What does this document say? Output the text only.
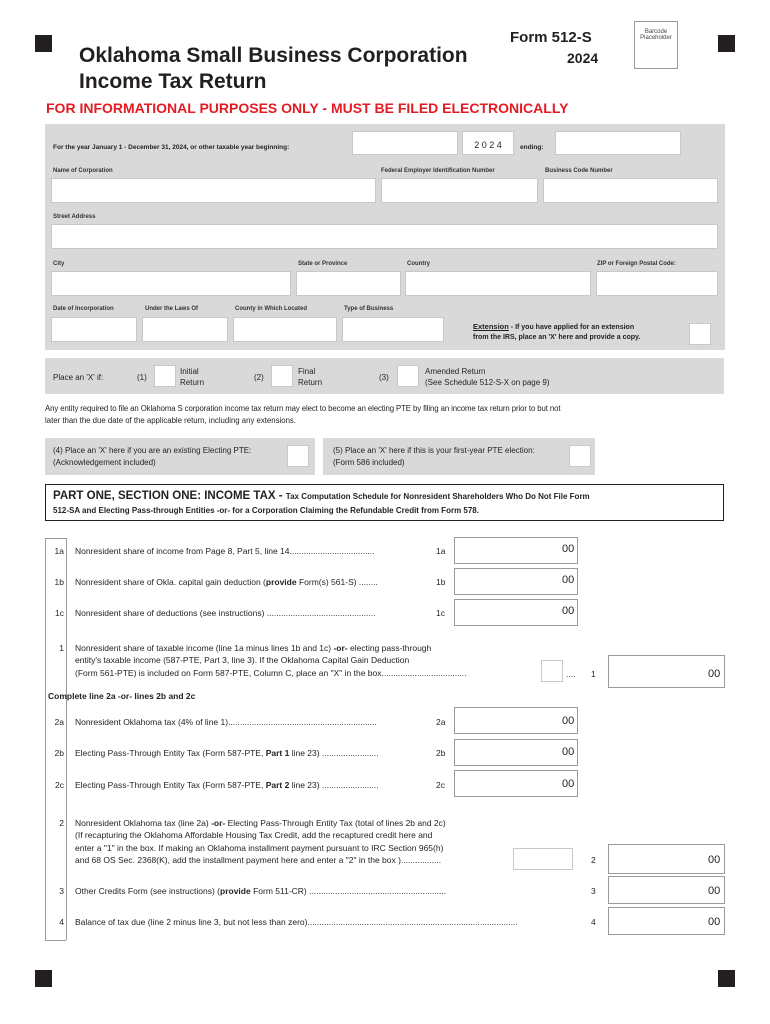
Oklahoma Small Business Corporation
Income Tax Return
Form 512-S
2024
Barcode
Placeholder
FOR INFORMATIONAL PURPOSES ONLY - MUST BE FILED ELECTRONICALLY
For the year January 1 - December 31, 2024, or other taxable year beginning:	2 0 2 4	ending:
Name of Corporation	Federal Employer Identification Number	Business Code Number
Street Address
City	State or Province	Country	ZIP or Foreign Postal Code:
Date of Incorporation	Under the Laws Of	County in Which Located	Type of Business
Extension - If you have applied for an extension
from the IRS, place an 'X' here and provide a copy.
Place an 'X' if:	(1)
Initial
Return
(2)
Final
Return
(3)
Amended Return
(See Schedule 512-S-X on page 9)
Any entity required to file an Oklahoma S corporation income tax return may elect to become an electing PTE by filing an income tax return prior to but not
later than the due date of the applicable return, including any extensions.
(4) Place an 'X' here if you are an existing Electing PTE:
(Acknowledgement included)
(5) Place an 'X' here if this is your first-year PTE election:
(Form 586 included)
PART ONE, SECTION ONE: INCOME TAX - Tax Computation Schedule for Nonresident Shareholders Who Do Not File Form
512-SA and Electing Pass-through Entities -or- for a Corporation Claiming the Refundable Credit from Form 578.
1a Nonresident share of income from Page 8, Part 5, line 14....................................	1a	00
1b Nonresident share of Okla. capital gain deduction (provide Form(s) 561-S) ........	1b	00
1c Nonresident share of deductions (see instructions) ..............................................	1c	00
1 Nonresident share of taxable income (line 1a minus lines 1b and 1c) -or- electing pass-through
entity's taxable income (587-PTE, Part 3, line 3). If the Oklahoma Capital Gain Deduction
(Form 561-PTE) is included on Form 587-PTE, Column C, place an "X" in the box....................................	.... 1	00
Complete line 2a -or- lines 2b and 2c
2a Nonresident Oklahoma tax (4% of line 1)...............................................................	2a	00
2b Electing Pass-Through Entity Tax (Form 587-PTE, Part 1 line 23) ........................	2b	00
2c Electing Pass-Through Entity Tax (Form 587-PTE, Part 2 line 23) ........................	2c	00
2 Nonresident Oklahoma tax (line 2a) -or- Electing Pass-Through Entity Tax (total of lines 2b and 2c)
(If recapturing the Oklahoma Affordable Housing Tax Credit, add the recaptured credit here and
enter a "1" in the box. If making an Oklahoma installment payment pursuant to IRC Section 965(h)
and 68 OS Sec. 2368(K), add the installment payment here and enter a "2" in the box ).................	2	00
3 Other Credits Form (see instructions) (provide Form 511-CR) ..........................................................	3	00
4 Balance of tax due (line 2 minus line 3, but not less than zero).........................................................................................	4	00
